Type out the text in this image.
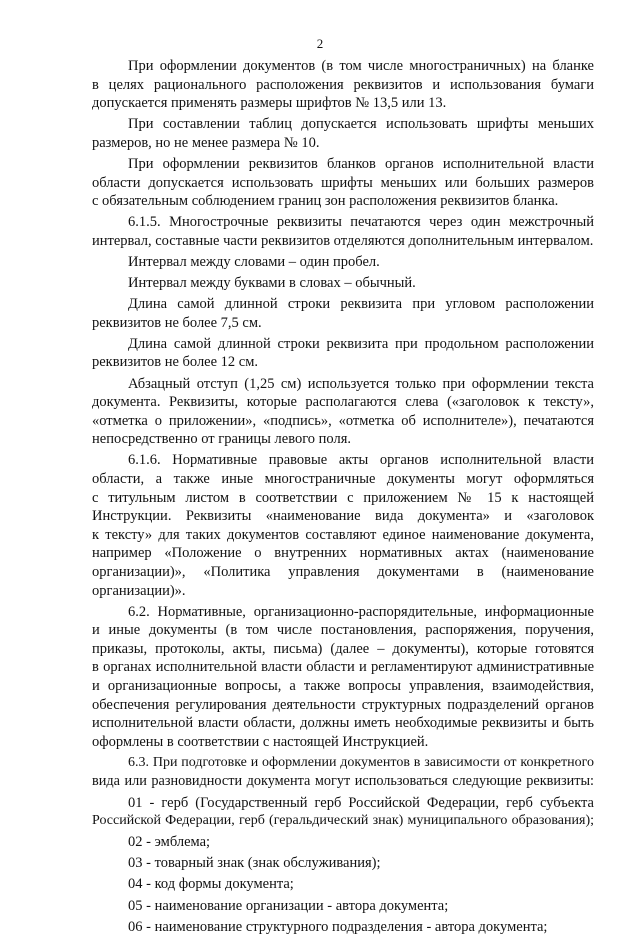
2
При оформлении документов (в том числе многостраничных) на бланке
в целях рационального расположения реквизитов и использования бумаги
допускается применять размеры шрифтов № 13,5 или 13.
При составлении таблиц допускается использовать шрифты меньших
размеров, но не менее размера № 10.
При оформлении реквизитов бланков органов исполнительной власти
области допускается использовать шрифты меньших или больших размеров
с обязательным соблюдением границ зон расположения реквизитов бланка.
6.1.5. Многострочные реквизиты печатаются через один межстрочный
интервал, составные части реквизитов отделяются дополнительным интервалом.
Интервал между словами – один пробел.
Интервал между буквами в словах – обычный.
Длина самой длинной строки реквизита при угловом расположении
реквизитов не более 7,5 см.
Длина самой длинной строки реквизита при продольном расположении
реквизитов не более 12 см.
Абзацный отступ (1,25 см) используется только при оформлении текста
документа. Реквизиты, которые располагаются слева («заголовок к тексту»,
«отметка о приложении», «подпись», «отметка об исполнителе»), печатаются
непосредственно от границы левого поля.
6.1.6. Нормативные правовые акты органов исполнительной власти
области, а также иные многостраничные документы могут оформляться
с титульным листом в соответствии с приложением № 15 к настоящей
Инструкции. Реквизиты «наименование вида документа» и «заголовок
к тексту» для таких документов составляют единое наименование документа,
например «Положение о внутренних нормативных актах (наименование
организации)», «Политика управления документами в (наименование
организации)».
6.2. Нормативные, организационно-распорядительные, информационные
и иные документы (в том числе постановления, распоряжения, поручения,
приказы, протоколы, акты, письма) (далее – документы), которые готовятся
в органах исполнительной власти области и регламентируют административные
и организационные вопросы, а также вопросы управления, взаимодействия,
обеспечения регулирования деятельности структурных подразделений органов
исполнительной власти области, должны иметь необходимые реквизиты и быть
оформлены в соответствии с настоящей Инструкцией.
6.3. При подготовке и оформлении документов в зависимости от конкретного
вида или разновидности документа могут использоваться следующие реквизиты:
01 - герб (Государственный герб Российской Федерации, герб субъекта
Российской Федерации, герб (геральдический знак) муниципального образования);
02 - эмблема;
03 - товарный знак (знак обслуживания);
04 - код формы документа;
05 - наименование организации - автора документа;
06 - наименование структурного подразделения - автора документа;
